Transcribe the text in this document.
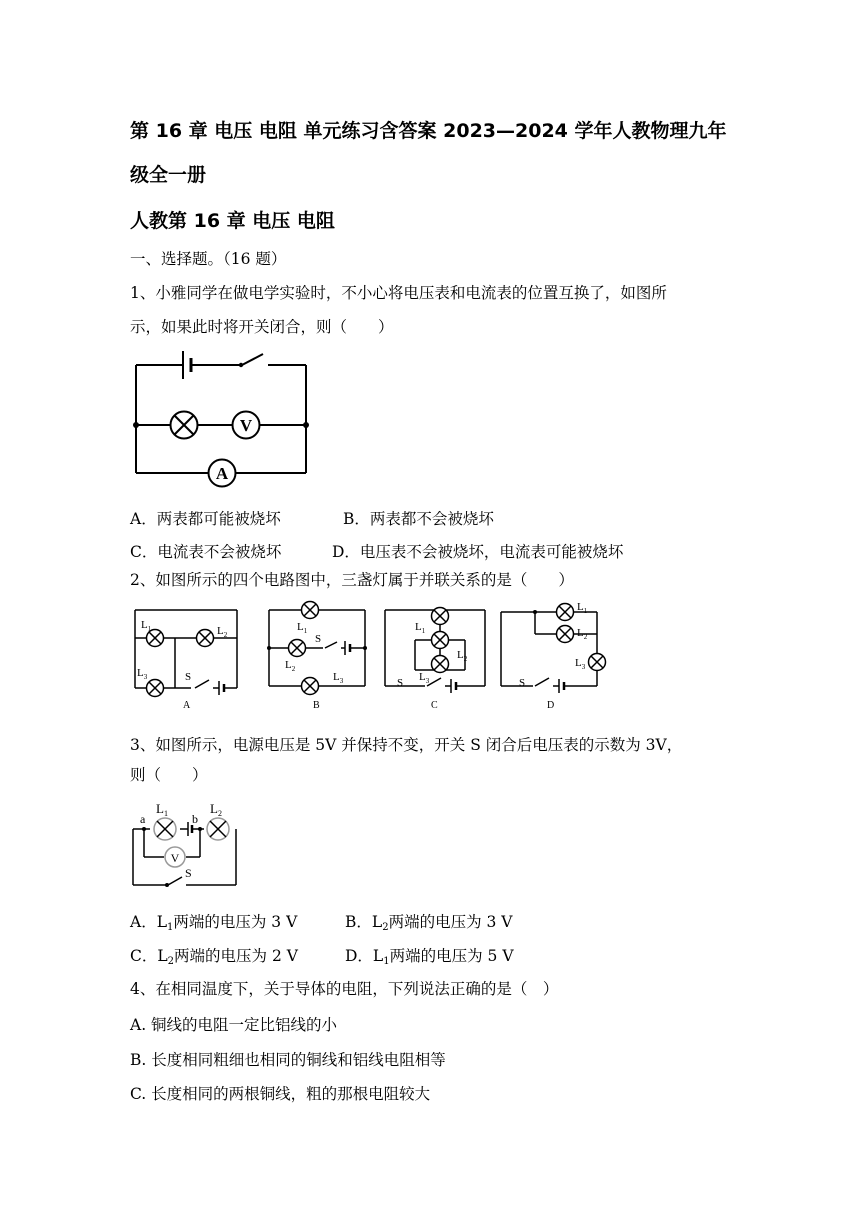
第 16 章 电压 电阻 单元练习含答案 2023—2024 学年人教物理九年
级全一册
人教第 16 章 电压 电阻
一、选择题。（16 题）
1、小雅同学在做电学实验时，不小心将电压表和电流表的位置互换了，如图所
示，如果此时将开关闭合，则（　　）
V
A
A．两表都可能被烧坏	B．两表都不会被烧坏
C．电流表不会被烧坏	D．电压表不会被烧坏，电流表可能被烧坏
2、如图所示的四个电路图中，三盏灯属于并联关系的是（　　）
$L_1$	$L_2$
$L_3$	S
A
$L_1$
S
$L_2$
$L_3$
B
$L_1$
$L_2$
$L_3$
S
C
$L_1$
$L_2$
$L_3$
S
D
3、如图所示，电源电压是 5V 并保持不变，开关 S 闭合后电压表的示数为 3V，
则（　　）
V
a	b
$L_1$	$L_2$
S
A．$L_1$两端的电压为 3 V	B．$L_2$两端的电压为 3 V
C．$L_2$两端的电压为 2 V	D．$L_1$两端的电压为 5 V
4、在相同温度下，关于导体的电阻，下列说法正确的是（　）
A. 铜线的电阻一定比铝线的小
B. 长度相同粗细也相同的铜线和铝线电阻相等
C. 长度相同的两根铜线，粗的那根电阻较大
